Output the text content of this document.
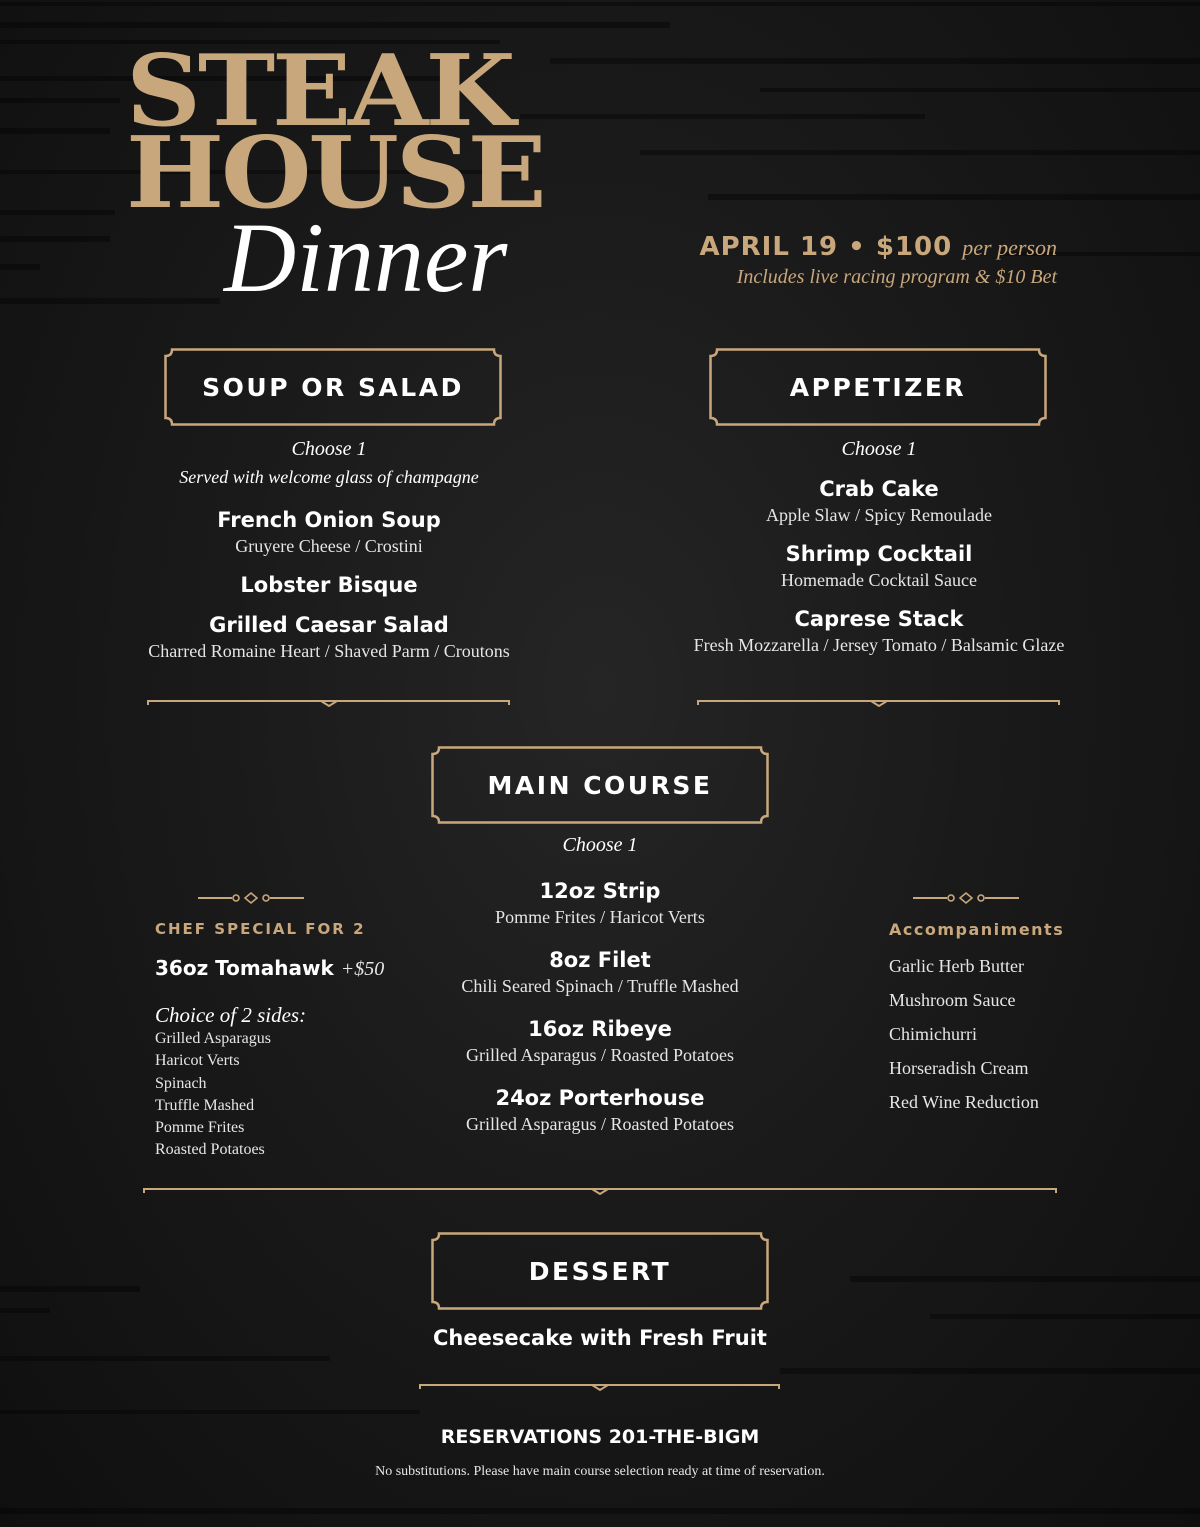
STEAK
HOUSE
Dinner	APRIL 19 • $100 per person
Includes live racing program & $10 Bet
SOUP OR SALAD	APPETIZER
Choose 1
Served with welcome glass of champagne
French Onion Soup
Gruyere Cheese / Crostini
Lobster Bisque
Grilled Caesar Salad
Charred Romaine Heart / Shaved Parm / Croutons
Choose 1
Crab Cake
Apple Slaw / Spicy Remoulade
Shrimp Cocktail
Homemade Cocktail Sauce
Caprese Stack
Fresh Mozzarella / Jersey Tomato / Balsamic Glaze
MAIN COURSE
Choose 1
12oz Strip
Pomme Frites / Haricot Verts
8oz Filet
Chili Seared Spinach / Truffle Mashed
16oz Ribeye
Grilled Asparagus / Roasted Potatoes
24oz Porterhouse
Grilled Asparagus / Roasted Potatoes
CHEF SPECIAL FOR 2
36oz Tomahawk +$50
Choice of 2 sides:
Grilled Asparagus
Haricot Verts
Spinach
Truffle Mashed
Pomme Frites
Roasted Potatoes
Accompaniments
Garlic Herb Butter
Mushroom Sauce
Chimichurri
Horseradish Cream
Red Wine Reduction
DESSERT
Cheesecake with Fresh Fruit
RESERVATIONS 201-THE-BIGM
No substitutions. Please have main course selection ready at time of reservation.
